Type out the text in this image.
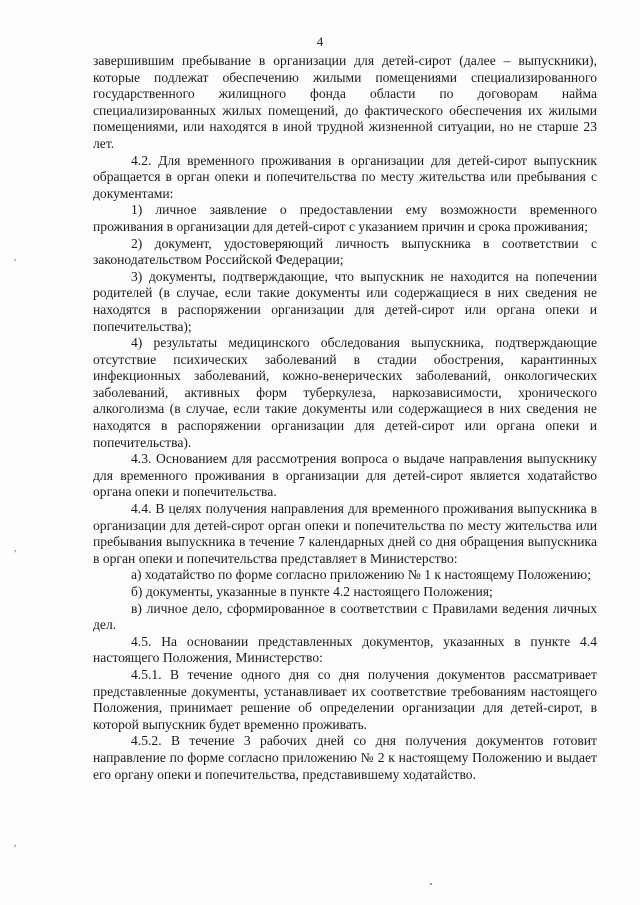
4
,
,
,

завершившим пребывание в организации для детей-сирот (далее – выпускники), которые подлежат обеспечению жилыми помещениями специализированного государственного жилищного фонда области по договорам найма специализированных жилых помещений, до фактического обеспечения их жилыми помещениями, или находятся в иной трудной жизненной ситуации, но не старше 23 лет.

4.2. Для временного проживания в организации для детей-сирот выпускник обращается в орган опеки и попечительства по месту жительства или пребывания с документами:

1) личное заявление о предоставлении ему возможности временного проживания в организации для детей-сирот с указанием причин и срока проживания;

2) документ, удостоверяющий личность выпускника в соответствии с законодательством Российской Федерации;

3) документы, подтверждающие, что выпускник не находится на попечении родителей (в случае, если такие документы или содержащиеся в них сведения не находятся в распоряжении организации для детей-сирот или органа опеки и попечительства);

4) результаты медицинского обследования выпускника, подтверждающие отсутствие психических заболеваний в стадии обострения, карантинных инфекционных заболеваний, кожно-венерических заболеваний, онкологических заболеваний, активных форм туберкулеза, наркозависимости, хронического алкоголизма (в случае, если такие документы или содержащиеся в них сведения не находятся в распоряжении организации для детей-сирот или органа опеки и попечительства).

4.3. Основанием для рассмотрения вопроса о выдаче направления выпускнику для временного проживания в организации для детей-сирот является ходатайство органа опеки и попечительства.

4.4. В целях получения направления для временного проживания выпускника в организации для детей-сирот орган опеки и попечительства по месту жительства или пребывания выпускника в течение 7 календарных дней со дня обращения выпускника в орган опеки и попечительства представляет в Министерство:

а) ходатайство по форме согласно приложению № 1 к настоящему Положению;

б) документы, указанные в пункте 4.2 настоящего Положения;

в) личное дело, сформированное в соответствии с Правилами ведения личных дел.

4.5. На основании представленных документов, указанных в пункте 4.4 настоящего Положения, Министерство:

4.5.1. В течение одного дня со дня получения документов рассматривает представленные документы, устанавливает их соответствие требованиям настоящего Положения, принимает решение об определении организации для детей-сирот, в которой выпускник будет временно проживать.

4.5.2. В течение 3 рабочих дней со дня получения документов готовит направление по форме согласно приложению № 2 к настоящему Положению и выдает его органу опеки и попечительства, представившему ходатайство.
